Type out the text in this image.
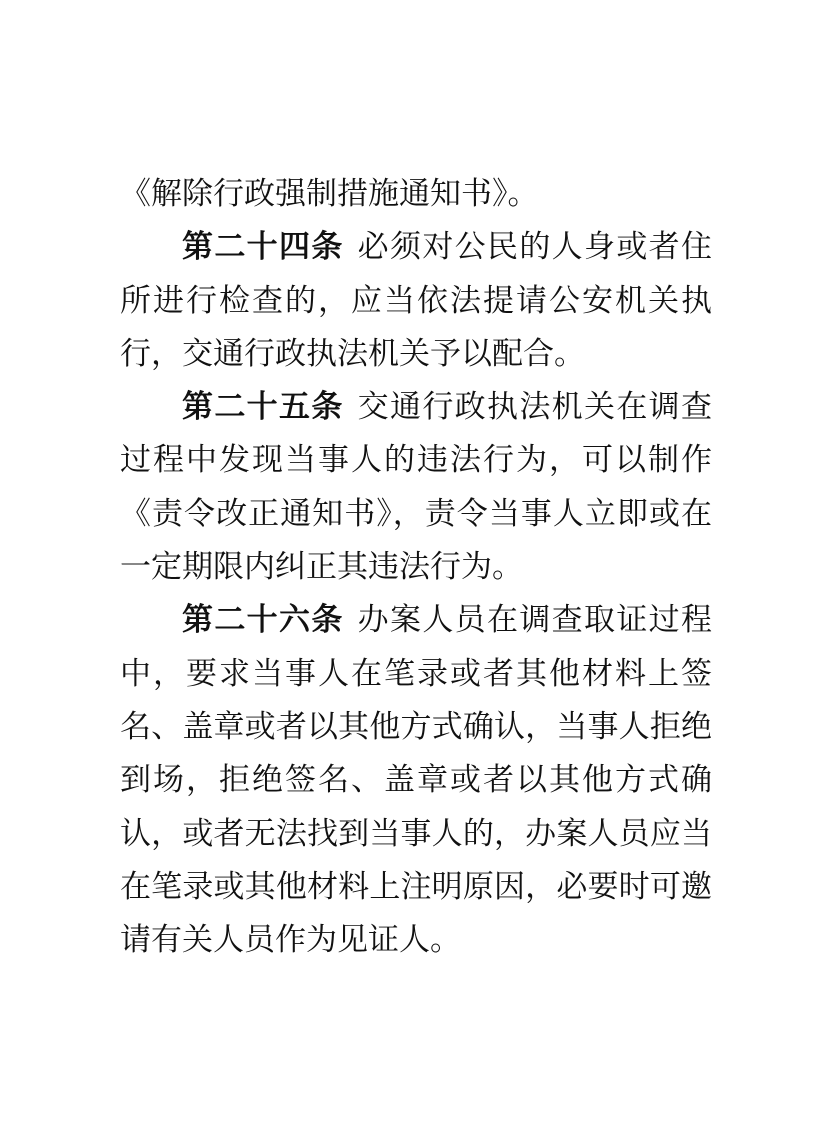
《解除行政强制措施通知书》。

第二十四条 必须对公民的人身或者住所进行检查的，应当依法提请公安机关执行，交通行政执法机关予以配合。

第二十五条 交通行政执法机关在调查过程中发现当事人的违法行为，可以制作《责令改正通知书》，责令当事人立即或在一定期限内纠正其违法行为。

第二十六条 办案人员在调查取证过程中，要求当事人在笔录或者其他材料上签名、盖章或者以其他方式确认，当事人拒绝到场，拒绝签名、盖章或者以其他方式确认，或者无法找到当事人的，办案人员应当在笔录或其他材料上注明原因，必要时可邀请有关人员作为见证人。
